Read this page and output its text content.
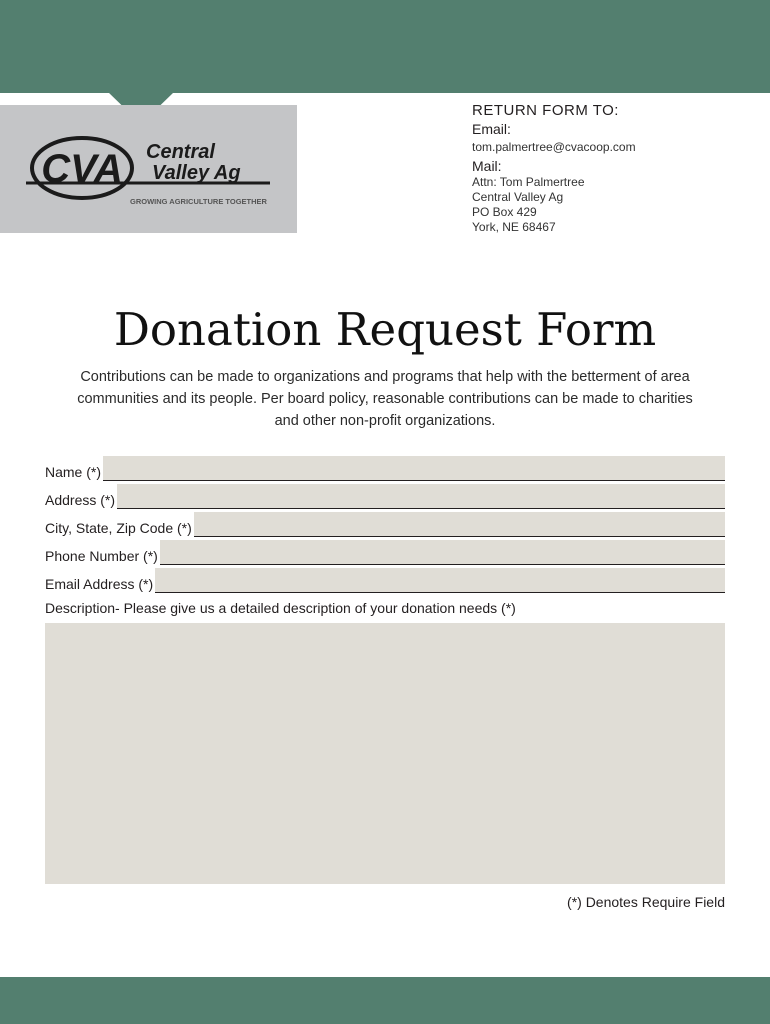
CVA Central
Valley Ag
GROWING AGRICULTURE TOGETHER
RETURN FORM TO:
Email:
tom.palmertree@cvacoop.com
Mail:
Attn: Tom Palmertree
Central Valley Ag
PO Box 429
York, NE 68467
Donation Request Form
Contributions can be made to organizations and programs that help with the betterment of area
communities and its people. Per board policy, reasonable contributions can be made to charities
and other non-profit organizations.
Name (*)
Address (*)
City, State, Zip Code (*)
Phone Number (*)
Email Address (*)
Description- Please give us a detailed description of your donation needs (*)
(*) Denotes Require Field
